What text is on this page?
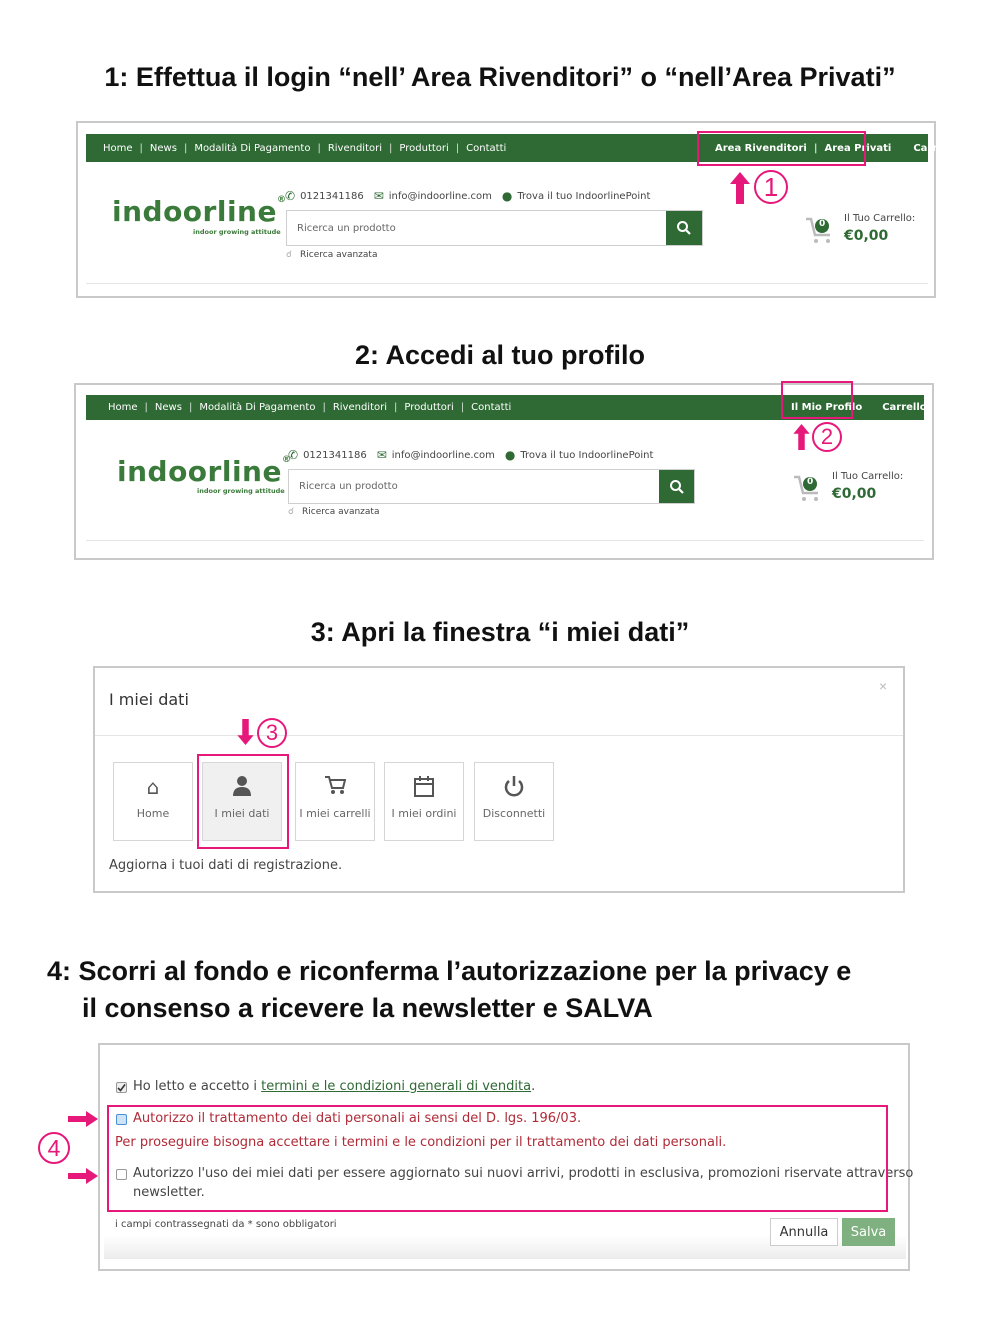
1: Effettua il login “nell’ Area Rivenditori” o “nell’Area Privati”
Home | News | Modalità Di Pagamento | Rivenditori | Produttori | Contatti	Area Rivenditori | Area Privati	Carrello
indoorline®
indoor growing attitude
✆ 0121341186 ✉ info@indoorline.com ● Trova il tuo IndoorlinePoint
Ricerca un prodotto
☌ Ricerca avanzata
0 Il Tuo Carrello:
€0,00
1
2: Accedi al tuo profilo
Home | News | Modalità Di Pagamento | Rivenditori | Produttori | Contatti	Il Mio Profilo	Carrello
indoorline®
indoor growing attitude
✆ 0121341186 ✉ info@indoorline.com ● Trova il tuo IndoorlinePoint
Ricerca un prodotto
☌ Ricerca avanzata
0 Il Tuo Carrello:
€0,00
2
3: Apri la finestra “i miei dati”
I miei dati
×
⌂
Home	I miei dati	I miei carrelli	I miei ordini	Disconnetti
Aggiorna i tuoi dati di registrazione.
3
4: Scorri al fondo e riconferma l’autorizzazione per la privacy e
il consenso a ricevere la newsletter e SALVA
Ho letto e accetto i termini e le condizioni generali di vendita.
Autorizzo il trattamento dei dati personali ai sensi del D. lgs. 196/03.
Per proseguire bisogna accettare i termini e le condizioni per il trattamento dei dati personali.
Autorizzo l'uso dei miei dati per essere aggiornato sui nuovi arrivi, prodotti in esclusiva, promozioni riservate attraverso
newsletter.
i campi contrassegnati da * sono obbligatori	Annulla	Salva
4
